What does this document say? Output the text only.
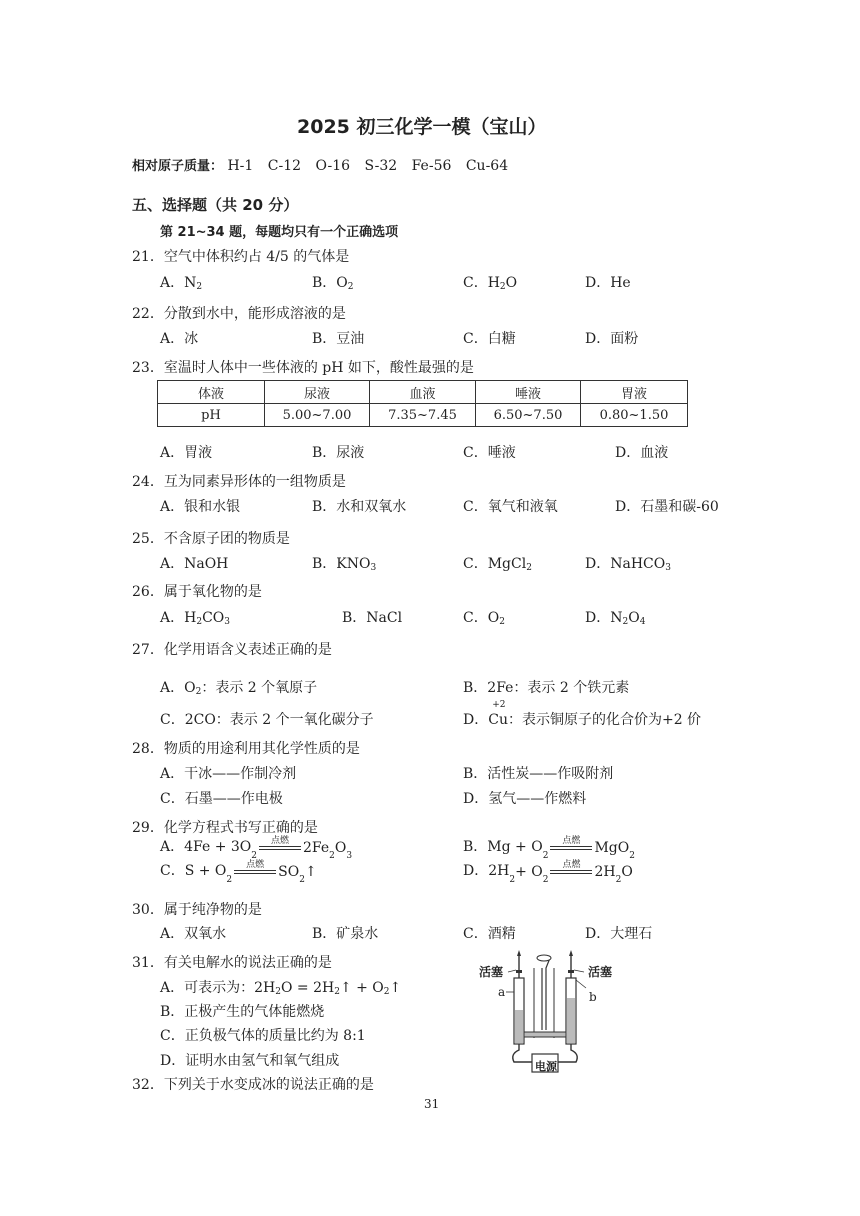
2025 初三化学一模（宝山）
相对原子质量： H-1 C-12 O-16 S-32 Fe-56 Cu-64
五、选择题（共 20 分）
第 21~34 题，每题均只有一个正确选项
21．空气中体积约占 4/5 的气体是
A．$N_2$	B．$O_2$	C．$H_2O$	D．He
22．分散到水中，能形成溶液的是
A．冰	B．豆油	C．白糖	D．面粉
23．室温时人体中一些体液的 pH 如下，酸性最强的是
体液	尿液	血液	唾液	胃液
pH	5.00~7.00	7.35~7.45	6.50~7.50	0.80~1.50
A．胃液	B．尿液	C．唾液	D．血液
24．互为同素异形体的一组物质是
A．银和水银	B．水和双氧水	C．氧气和液氧	D．石墨和碳-60
25．不含原子团的物质是
A．NaOH	B．$KNO_3$	C．MgCl$_2$	D．NaHCO$_3$
26．属于氧化物的是
A．$H_2CO_3$	B．NaCl	C．$O_2$	D．$N_2O_4$
27．化学用语含义表述正确的是
A．$O_2$：表示 2 个氧原子	B．2Fe：表示 2 个铁元素
C．2CO：表示 2 个一氧化碳分子	D．
+2
Cu：表示铜原子的化合价为+2 价
28．物质的用途利用其化学性质的是
A．干冰——作制冷剂	B．活性炭——作吸附剂
C．石墨——作电极	D．氢气——作燃料
29．化学方程式书写正确的是
A．4Fe + 3O
2
点燃 2Fe 2 O 3
B．Mg + O
2
点燃 MgO 2
C．S + O
2
点燃 SO 2 ↑	D．2H
2 + O 2
点燃 2H 2 O
30．属于纯净物的是
A．双氧水	B．矿泉水	C．酒精	D．大理石
31．有关电解水的说法正确的是
A．可表示为：$2H_2O$ = $2H_2↑$ + $O_2↑$
B．正极产生的气体能燃烧
C．正负极气体的质量比约为 8:1
D．证明水由氢气和氧气组成
32．下列关于水变成冰的说法正确的是
活塞	活塞
a	b
电源
31
